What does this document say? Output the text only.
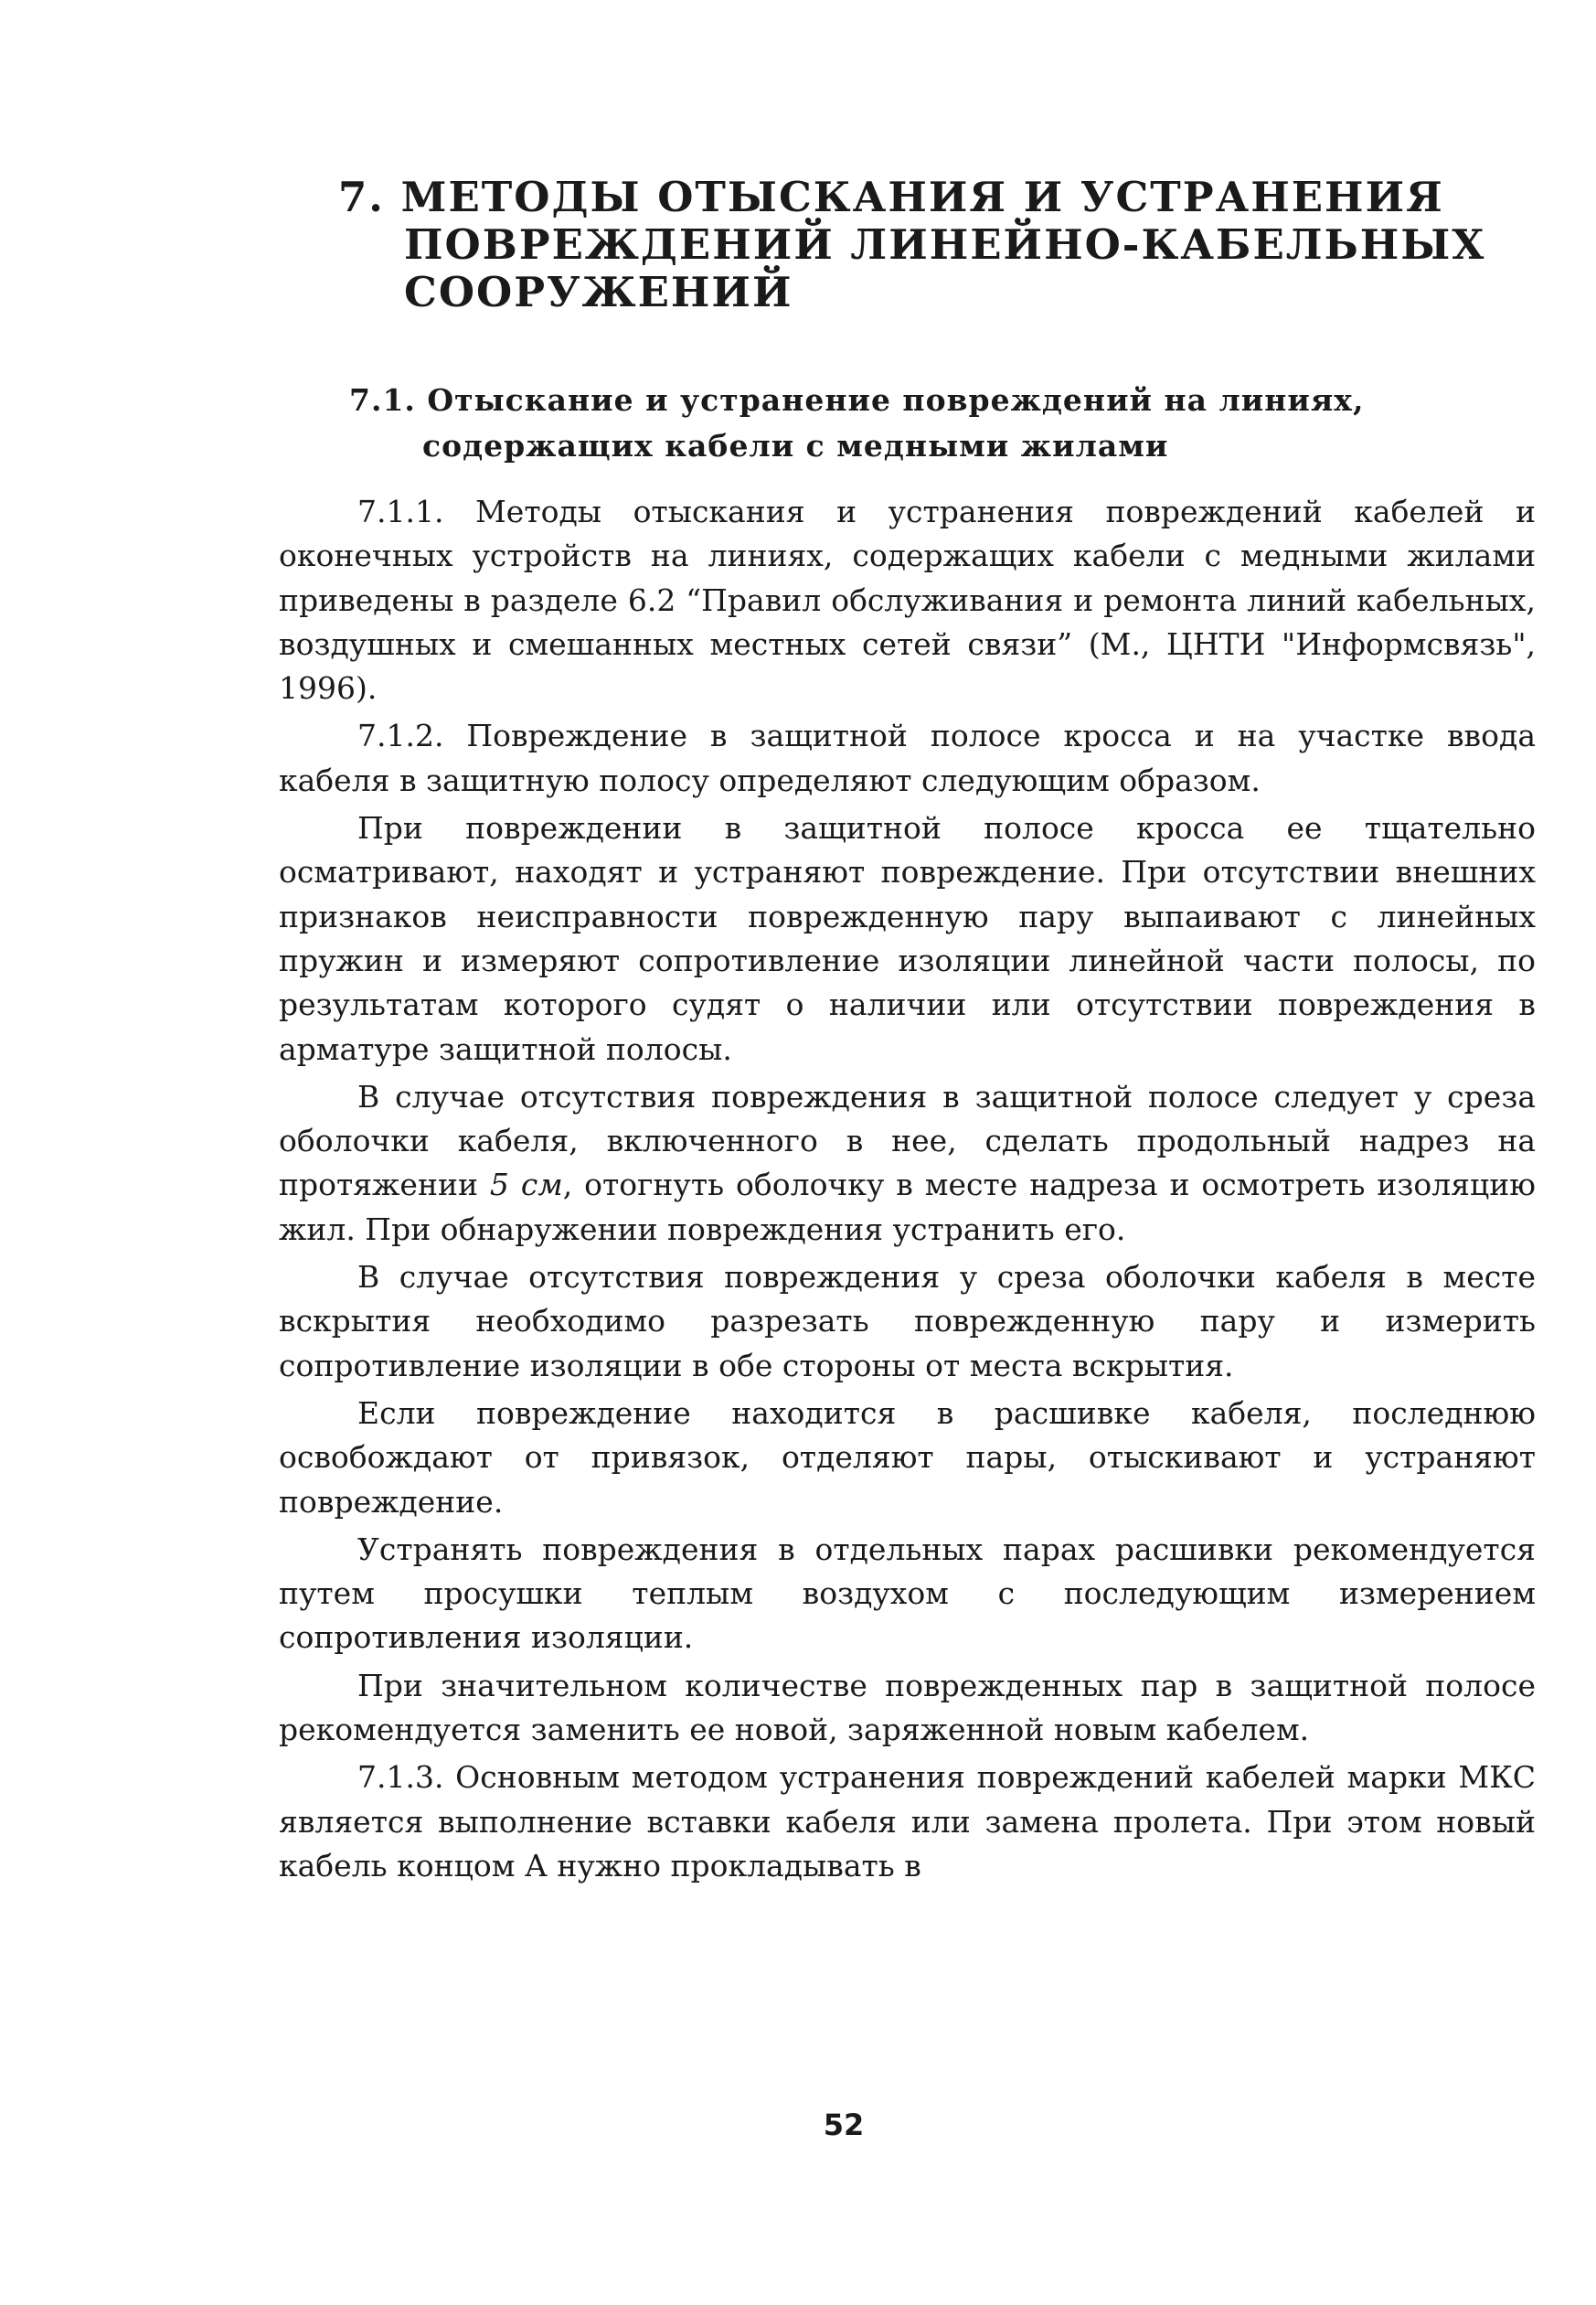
7. МЕТОДЫ ОТЫСКАНИЯ И УСТРАНЕНИЯ
ПОВРЕЖДЕНИЙ ЛИНЕЙНО-КАБЕЛЬНЫХ
СООРУЖЕНИЙ
7.1. Отыскание и устранение повреждений на линиях,
содержащих кабели с медными жилами

7.1.1. Методы отыскания и устранения повреждений кабелей и оконечных устройств на линиях, содержащих кабели с медными жилами приведены в разделе 6.2 “Правил обслуживания и ремонта линий кабельных, воздушных и смешанных местных сетей связи” (М., ЦНТИ "Информсвязь", 1996).

7.1.2. Повреждение в защитной полосе кросса и на участке ввода кабеля в защитную полосу определяют следующим образом.

При повреждении в защитной полосе кросса ее тщательно осматривают, находят и устраняют повреждение. При отсутствии внешних признаков неисправности поврежденную пару выпаивают с линейных пружин и измеряют сопротивление изоляции линейной части полосы, по результатам которого судят о наличии или отсутствии повреждения в арматуре защитной полосы.

В случае отсутствия повреждения в защитной полосе следует у среза оболочки кабеля, включенного в нее, сделать продольный надрез на протяжении 5 см, отогнуть оболочку в месте надреза и осмотреть изоляцию жил. При обнаружении повреждения устранить его.

В случае отсутствия повреждения у среза оболочки кабеля в месте вскрытия необходимо разрезать поврежденную пару и измерить сопротивление изоляции в обе стороны от места вскрытия.

Если повреждение находится в расшивке кабеля, последнюю освобождают от привязок, отделяют пары, отыскивают и устраняют повреждение.

Устранять повреждения в отдельных парах расшивки рекомендуется путем просушки теплым воздухом с последующим измерением сопротивления изоляции.

При значительном количестве поврежденных пар в защитной полосе рекомендуется заменить ее новой, заряженной новым кабелем.

7.1.3. Основным методом устранения повреждений кабелей марки МКС является выполнение вставки кабеля или замена пролета. При этом новый кабель концом А нужно прокладывать в

52
